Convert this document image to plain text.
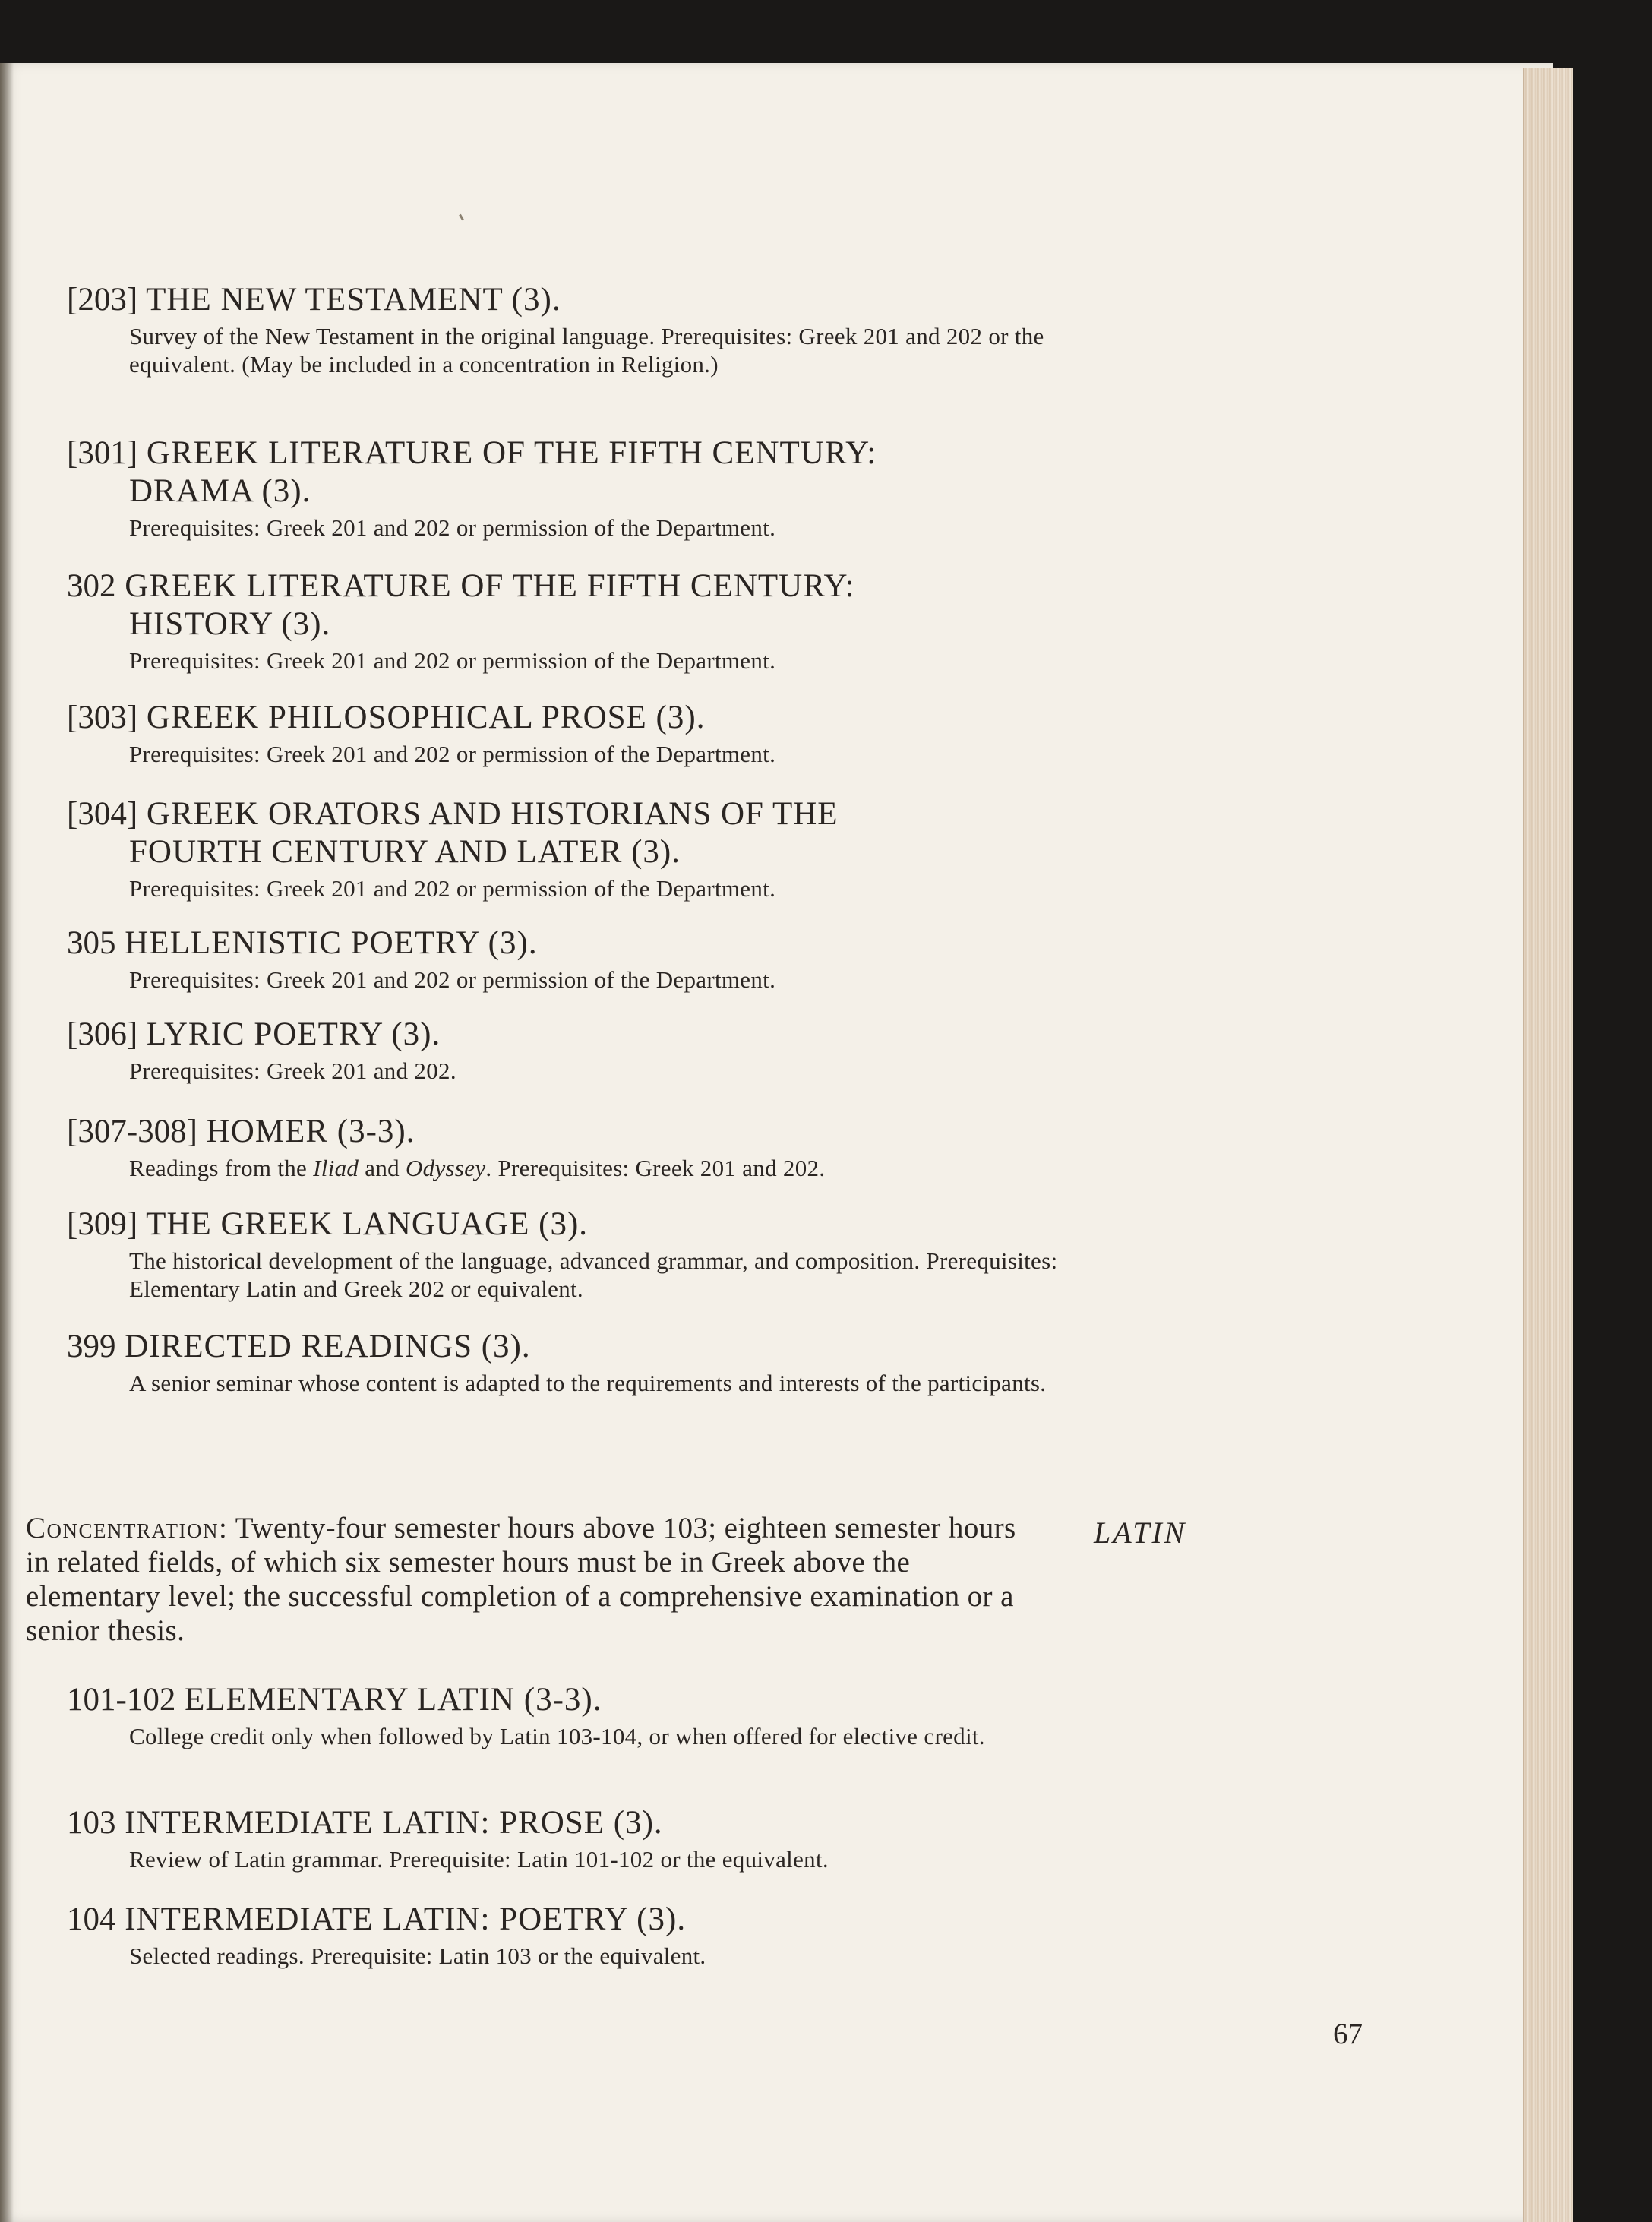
[203] THE NEW TESTAMENT (3).
Survey of the New Testament in the original language. Prerequisites: Greek 201 and 202 or the equivalent. (May be included in a concentration in Religion.)
[301] GREEK LITERATURE OF THE FIFTH CENTURY:
DRAMA (3).
Prerequisites: Greek 201 and 202 or permission of the Department.
302 GREEK LITERATURE OF THE FIFTH CENTURY:
HISTORY (3).
Prerequisites: Greek 201 and 202 or permission of the Department.
[303] GREEK PHILOSOPHICAL PROSE (3).
Prerequisites: Greek 201 and 202 or permission of the Department.
[304] GREEK ORATORS AND HISTORIANS OF THE
FOURTH CENTURY AND LATER (3).
Prerequisites: Greek 201 and 202 or permission of the Department.
305 HELLENISTIC POETRY (3).
Prerequisites: Greek 201 and 202 or permission of the Department.
[306] LYRIC POETRY (3).
Prerequisites: Greek 201 and 202.
[307-308] HOMER (3-3).
Readings from the Iliad and Odyssey. Prerequisites: Greek 201 and 202.
[309] THE GREEK LANGUAGE (3).
The historical development of the language, advanced grammar, and composition. Prerequisites: Elementary Latin and Greek 202 or equivalent.
399 DIRECTED READINGS (3).
A senior seminar whose content is adapted to the requirements and interests of the participants.
Concentration: Twenty-four semester hours above 103; eighteen semester hours in related fields, of which six semester hours must be in Greek above the elementary level; the successful completion of a comprehensive examination or a senior thesis.
LATIN
101-102 ELEMENTARY LATIN (3-3).
College credit only when followed by Latin 103-104, or when offered for elective credit.
103 INTERMEDIATE LATIN: PROSE (3).
Review of Latin grammar. Prerequisite: Latin 101-102 or the equivalent.
104 INTERMEDIATE LATIN: POETRY (3).
Selected readings. Prerequisite: Latin 103 or the equivalent.
67
